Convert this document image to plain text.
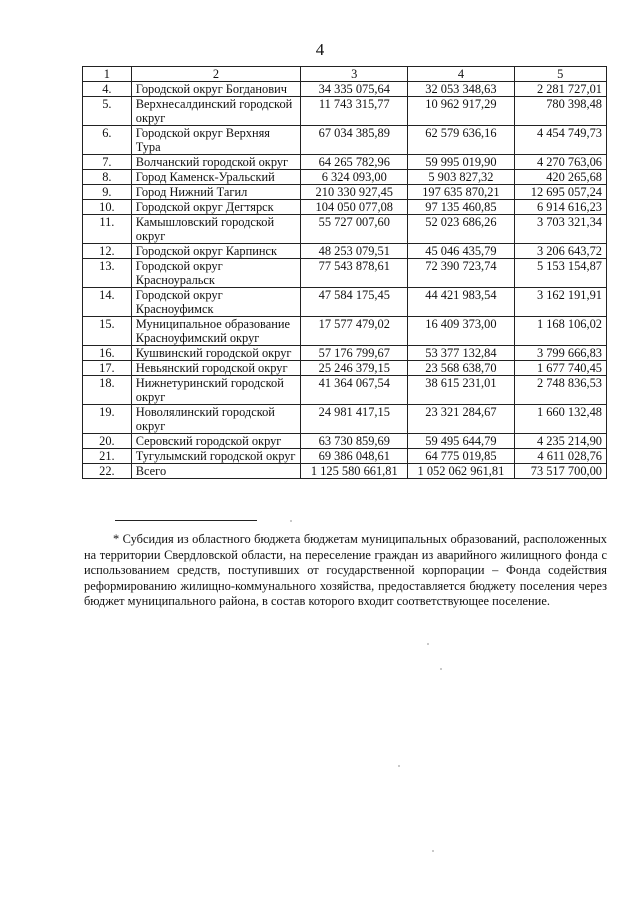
4
1	2	3	4	5
4.	Городской округ Богданович	34 335 075,64	32 053 348,63	2 281 727,01
5.	Верхнесалдинский городской округ	11 743 315,77	10 962 917,29	780 398,48
6.	Городской округ Верхняя Тура	67 034 385,89	62 579 636,16	4 454 749,73
7.	Волчанский городской округ	64 265 782,96	59 995 019,90	4 270 763,06
8.	Город Каменск-Уральский	6 324 093,00	5 903 827,32	420 265,68
9.	Город Нижний Тагил	210 330 927,45	197 635 870,21	12 695 057,24
10.	Городской округ Дегтярск	104 050 077,08	97 135 460,85	6 914 616,23
11.	Камышловский городской округ	55 727 007,60	52 023 686,26	3 703 321,34
12.	Городской округ Карпинск	48 253 079,51	45 046 435,79	3 206 643,72
13.	Городской округ Красноуральск	77 543 878,61	72 390 723,74	5 153 154,87
14.	Городской округ Красноуфимск	47 584 175,45	44 421 983,54	3 162 191,91
15.	Муниципальное образование Красноуфимский округ	17 577 479,02	16 409 373,00	1 168 106,02
16.	Кушвинский городской округ	57 176 799,67	53 377 132,84	3 799 666,83
17.	Невьянский городской округ	25 246 379,15	23 568 638,70	1 677 740,45
18.	Нижнетуринский городской округ	41 364 067,54	38 615 231,01	2 748 836,53
19.	Новолялинский городской округ	24 981 417,15	23 321 284,67	1 660 132,48
20.	Серовский городской округ	63 730 859,69	59 495 644,79	4 235 214,90
21.	Тугулымский городской округ	69 386 048,61	64 775 019,85	4 611 028,76
22.	Всего	1 125 580 661,81	1 052 062 961,81	73 517 700,00

* Субсидия из областного бюджета бюджетам муниципальных образований, расположенных на территории Свердловской области, на переселение граждан из аварийного жилищного фонда с использованием средств, поступивших от государственной корпорации – Фонда содействия реформированию жилищно-коммунального хозяйства, предоставляется бюджету поселения через бюджет муниципального района, в состав которого входит соответствующее поселение.
